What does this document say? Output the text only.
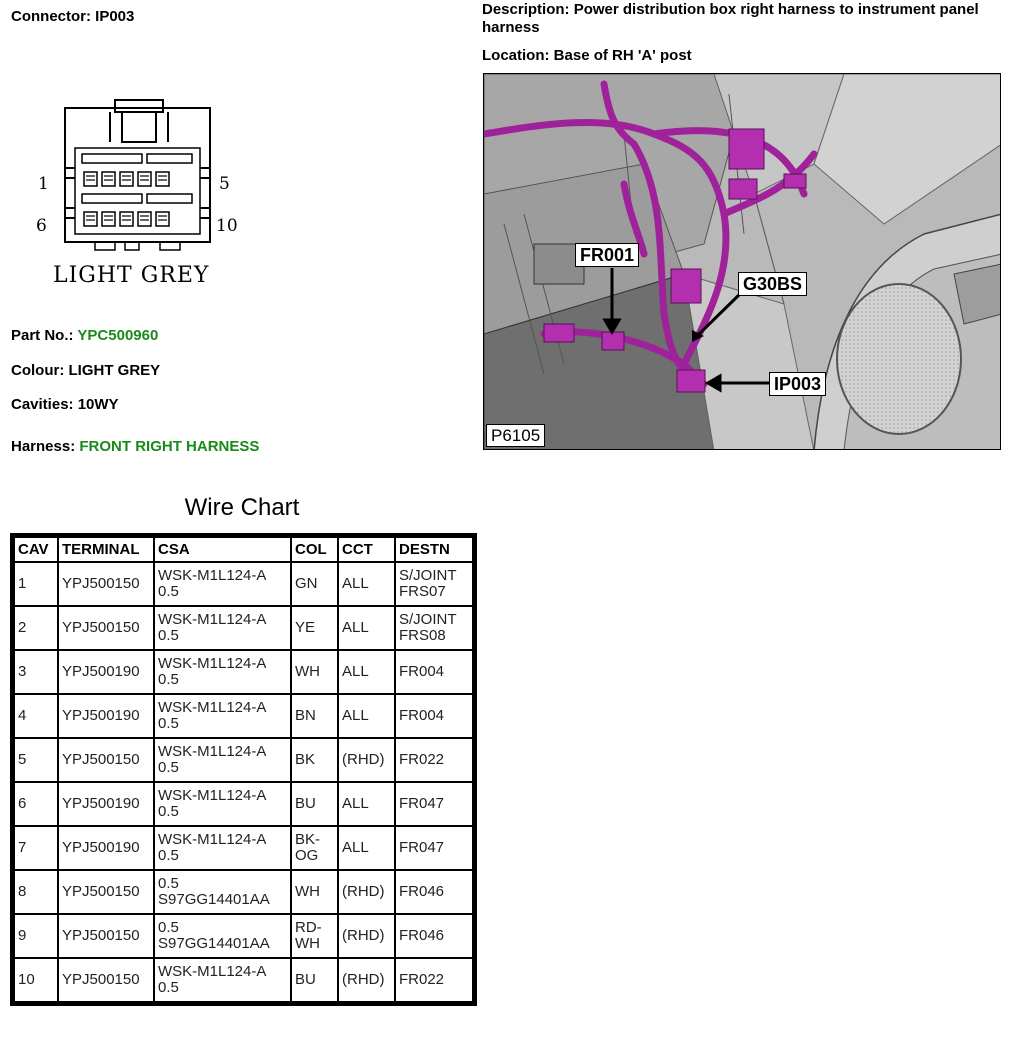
Connector: IP003	Description: Power distribution box right harness to instrument panel harness
Location: Base of RH 'A' post
1	5
6	10
LIGHT GREY
Part No.: YPC500960
Colour: LIGHT GREY
Cavities: 10WY
Harness: FRONT RIGHT HARNESS
FR001
G30BS
IP003
P6105
Wire Chart
CAV	TERMINAL	CSA	COL	CCT	DESTN
1	YPJ500150	WSK-M1L124-A 0.5	GN	ALL	S/JOINT FRS07
2	YPJ500150	WSK-M1L124-A 0.5	YE	ALL	S/JOINT FRS08
3	YPJ500190	WSK-M1L124-A 0.5	WH	ALL	FR004
4	YPJ500190	WSK-M1L124-A 0.5	BN	ALL	FR004
5	YPJ500150	WSK-M1L124-A 0.5	BK	(RHD)	FR022
6	YPJ500190	WSK-M1L124-A 0.5	BU	ALL	FR047
7	YPJ500190	WSK-M1L124-A 0.5	BK-OG	ALL	FR047
8	YPJ500150	0.5 S97GG14401AA	WH	(RHD)	FR046
9	YPJ500150	0.5 S97GG14401AA	RD-WH	(RHD)	FR046
10	YPJ500150	WSK-M1L124-A 0.5	BU	(RHD)	FR022
